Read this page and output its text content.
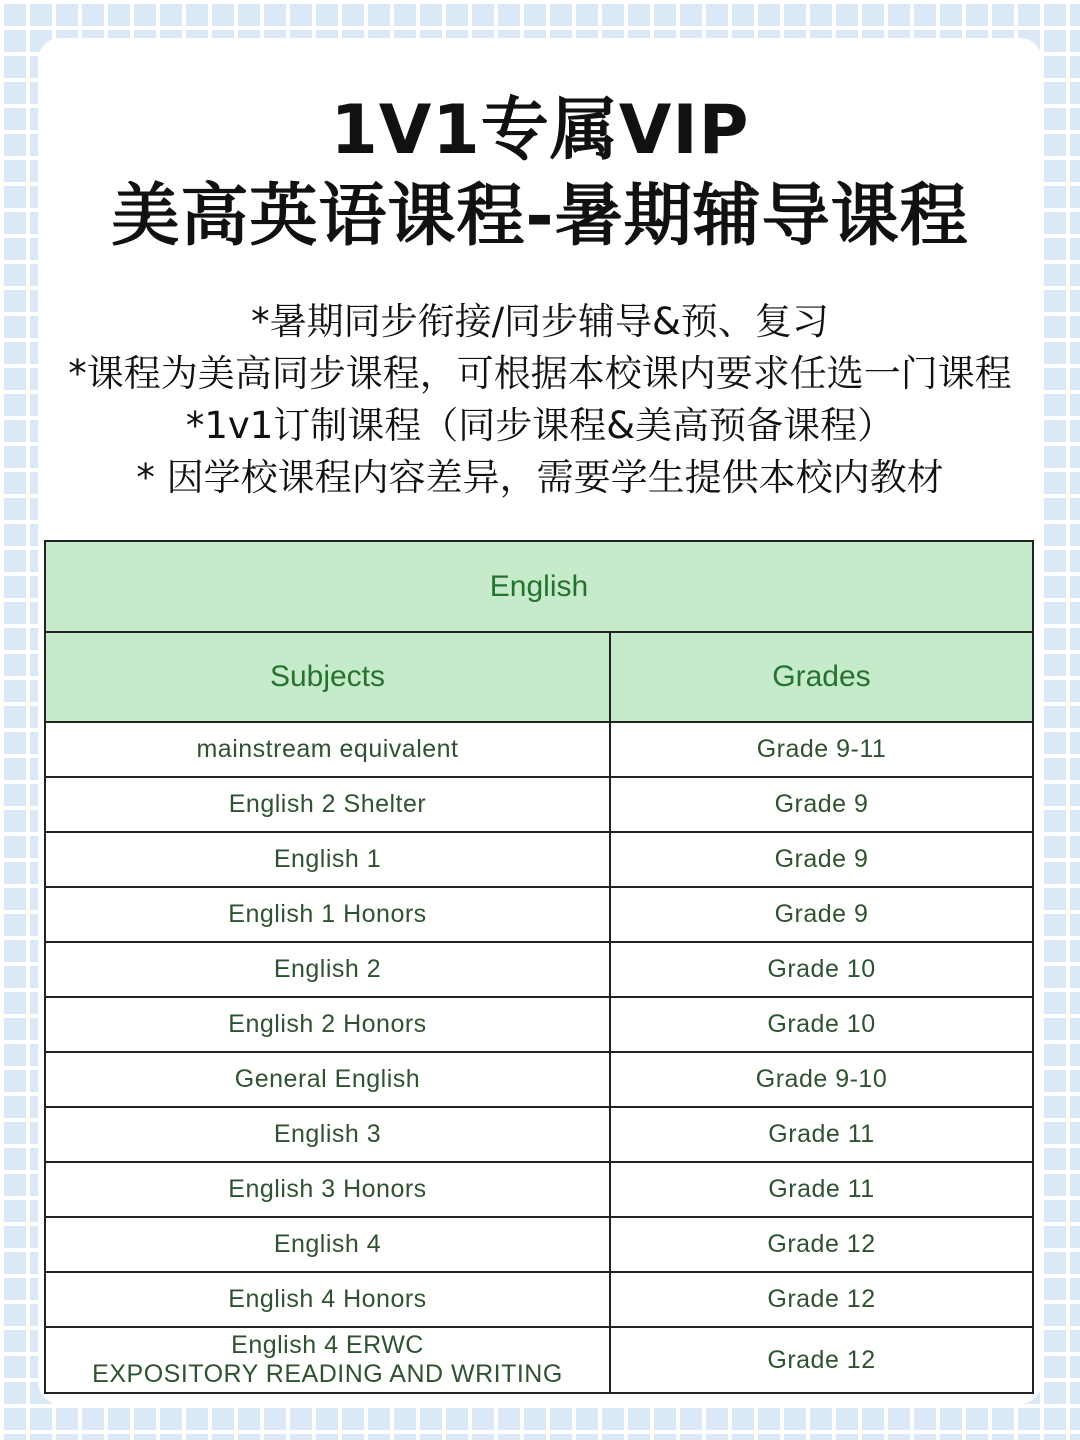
1V1专属VIP
美高英语课程-暑期辅导课程
*暑期同步衔接/同步辅导&预、复习
*课程为美高同步课程，可根据本校课内要求任选一门课程
*1v1订制课程（同步课程&美高预备课程）
* 因学校课程内容差异，需要学生提供本校内教材
English	
Subjects	Grades
mainstream equivalent	Grade 9-11
English 2 Shelter	Grade 9
English 1	Grade 9
English 1 Honors	Grade 9
English 2	Grade 10
English 2 Honors	Grade 10
General English	Grade 9-10
English 3	Grade 11
English 3 Honors	Grade 11
English 4	Grade 12
English 4 Honors	Grade 12

English 4 ERWC
EXPOSITORY READING AND WRITING	Grade 12
